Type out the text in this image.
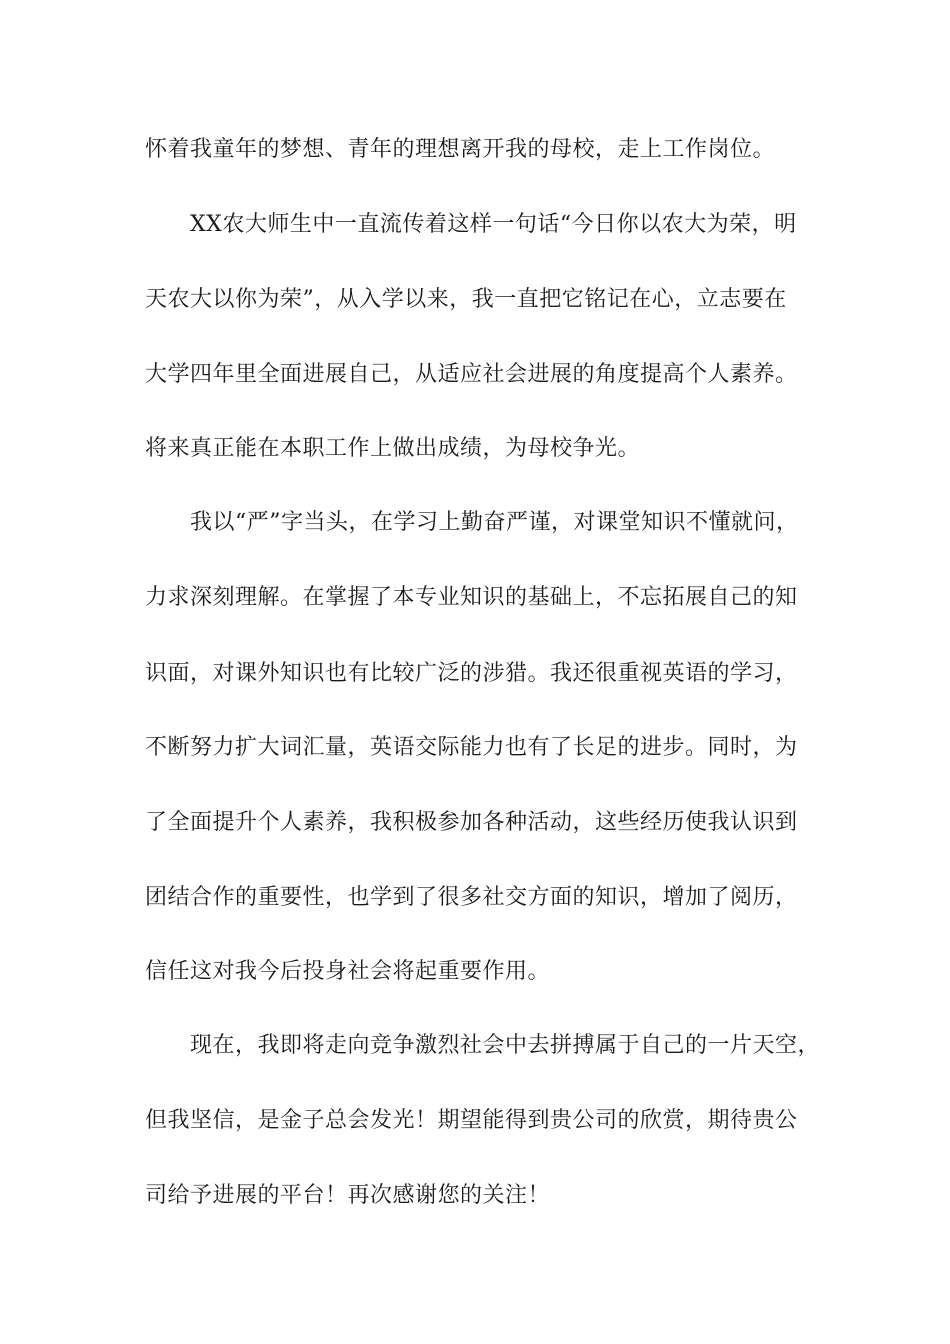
怀着我童年的梦想、青年的理想离开我的母校，走上工作岗位。
XX农大师生中一直流传着这样一句话“今日你以农大为荣，明
天农大以你为荣”，从入学以来，我一直把它铭记在心，立志要在
大学四年里全面进展自己，从适应社会进展的角度提高个人素养。
将来真正能在本职工作上做出成绩，为母校争光。
我以“严”字当头，在学习上勤奋严谨，对课堂知识不懂就问，
力求深刻理解。在掌握了本专业知识的基础上，不忘拓展自己的知
识面，对课外知识也有比较广泛的涉猎。我还很重视英语的学习，
不断努力扩大词汇量，英语交际能力也有了长足的进步。同时，为
了全面提升个人素养，我积极参加各种活动，这些经历使我认识到
团结合作的重要性，也学到了很多社交方面的知识，增加了阅历，
信任这对我今后投身社会将起重要作用。
现在，我即将走向竞争激烈社会中去拼搏属于自己的一片天空，
但我坚信，是金子总会发光！期望能得到贵公司的欣赏，期待贵公
司给予进展的平台！再次感谢您的关注！
